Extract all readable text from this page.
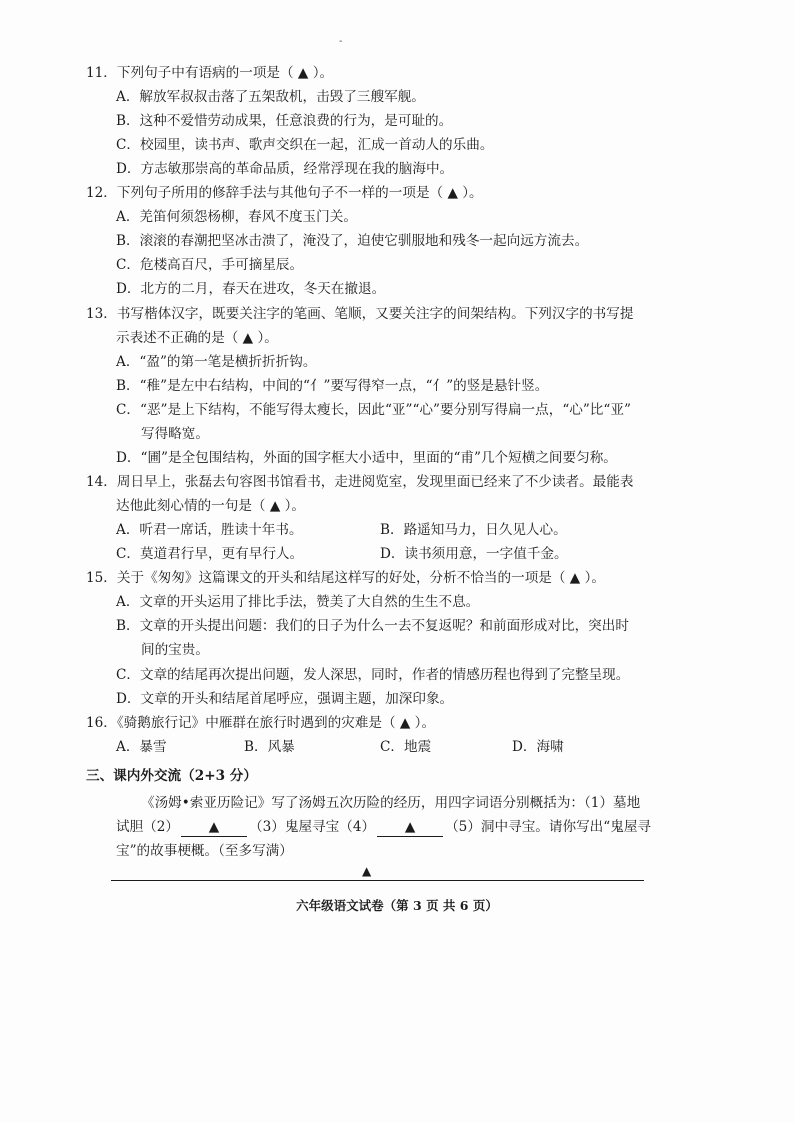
-
11．下列句子中有语病的一项是（ ▲ ）。
A．解放军叔叔击落了五架敌机，击毁了三艘军舰。
B．这种不爱惜劳动成果，任意浪费的行为，是可耻的。
C．校园里，读书声、歌声交织在一起，汇成一首动人的乐曲。
D．方志敏那崇高的革命品质，经常浮现在我的脑海中。
12．下列句子所用的修辞手法与其他句子不一样的一项是（ ▲ ）。
A．羌笛何须怨杨柳，春风不度玉门关。
B．滚滚的春潮把坚冰击溃了，淹没了，迫使它驯服地和残冬一起向远方流去。
C．危楼高百尺，手可摘星辰。
D．北方的二月，春天在进攻，冬天在撤退。
13．书写楷体汉字，既要关注字的笔画、笔顺，又要关注字的间架结构。下列汉字的书写提
示表述不正确的是（ ▲ ）。
A．“盈”的第一笔是横折折折钩。
B．“稚”是左中右结构，中间的“亻”要写得窄一点，“亻”的竖是悬针竖。
C．“恶”是上下结构，不能写得太瘦长，因此“亚”“心”要分别写得扁一点，“心”比“亚”
写得略宽。
D．“圃”是全包围结构，外面的国字框大小适中，里面的“甫”几个短横之间要匀称。
14．周日早上，张磊去句容图书馆看书，走进阅览室，发现里面已经来了不少读者。最能表
达他此刻心情的一句是（ ▲ ）。
A．听君一席话，胜读十年书。	B．路遥知马力，日久见人心。
C．莫道君行早，更有早行人。	D．读书须用意，一字值千金。
15．关于《匆匆》这篇课文的开头和结尾这样写的好处，分析不恰当的一项是（ ▲ ）。
A．文章的开头运用了排比手法，赞美了大自然的生生不息。
B．文章的开头提出问题：我们的日子为什么一去不复返呢？和前面形成对比，突出时
间的宝贵。
C．文章的结尾再次提出问题，发人深思，同时，作者的情感历程也得到了完整呈现。
D．文章的开头和结尾首尾呼应，强调主题，加深印象。
16．《骑鹅旅行记》中雁群在旅行时遇到的灾难是（ ▲ ）。
A．暴雪	B．风暴	C．地震	D．海啸
三、课内外交流（2+3 分）
《汤姆•索亚历险记》写了汤姆五次历险的经历，用四字词语分别概括为：（1）墓地
试胆（2） ▲ （3）鬼屋寻宝（4） ▲ （5）洞中寻宝。请你写出“鬼屋寻
宝”的故事梗概。（至多写满）
▲
六年级语文试卷（第 3 页 共 6 页）
